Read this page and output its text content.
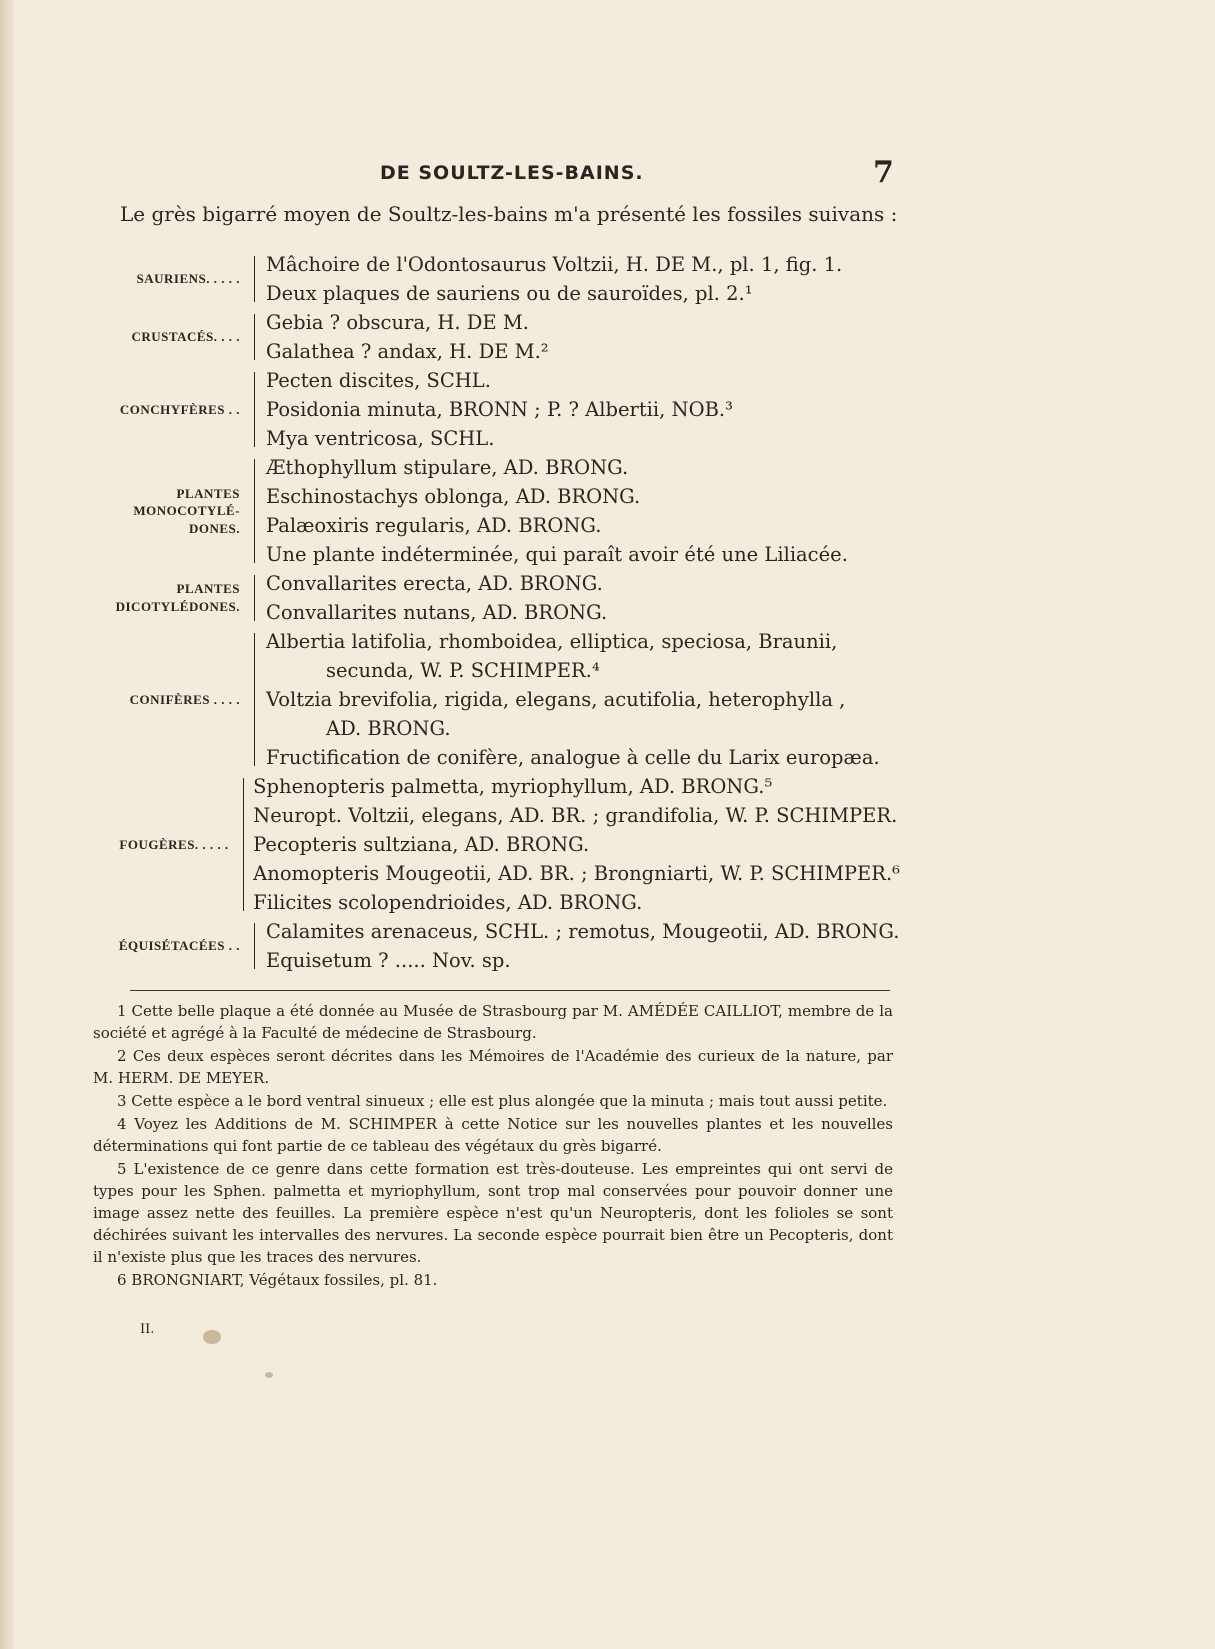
DE SOULTZ-LES-BAINS.	7
Le grès bigarré moyen de Soultz-les-bains m'a présenté les fossiles suivans :
SAURIENS. . . . .
Mâchoire de l'Odontosaurus Voltzii, H. DE M., pl. 1, fig. 1.
Deux plaques de sauriens ou de sauroïdes, pl. 2.¹
CRUSTACÉS. . . .
Gebia ? obscura, H. DE M.
Galathea ? andax, H. DE M.²
CONCHYFÈRES . .
Pecten discites, SCHL.
Posidonia minuta, BRONN ; P. ? Albertii, NOB.³
Mya ventricosa, SCHL.
PLANTES MONOCOTYLÉ-DONES.
Æthophyllum stipulare, AD. BRONG.
Eschinostachys oblonga, AD. BRONG.
Palæoxiris regularis, AD. BRONG.
Une plante indéterminée, qui paraît avoir été une Liliacée.
PLANTES DICOTYLÉDONES.
Convallarites erecta, AD. BRONG.
Convallarites nutans, AD. BRONG.
CONIFÈRES . . . .
Albertia latifolia, rhomboidea, elliptica, speciosa, Braunii,
secunda, W. P. SCHIMPER.⁴
Voltzia brevifolia, rigida, elegans, acutifolia, heterophylla ,
AD. BRONG.
Fructification de conifère, analogue à celle du Larix europæa.
FOUGÈRES. . . . .
Sphenopteris palmetta, myriophyllum, AD. BRONG.⁵
Neuropt. Voltzii, elegans, AD. BR. ; grandifolia, W. P. SCHIMPER.
Pecopteris sultziana, AD. BRONG.
Anomopteris Mougeotii, AD. BR. ; Brongniarti, W. P. SCHIMPER.⁶
Filicites scolopendrioides, AD. BRONG.
ÉQUISÉTACÉES . .
Calamites arenaceus, SCHL. ; remotus, Mougeotii, AD. BRONG.
Equisetum ? ..... Nov. sp.

1 Cette belle plaque a été donnée au Musée de Strasbourg par M. AMÉDÉE CAILLIOT, membre de la société et agrégé à la Faculté de médecine de Strasbourg.

2 Ces deux espèces seront décrites dans les Mémoires de l'Académie des curieux de la nature, par M. HERM. DE MEYER.

3 Cette espèce a le bord ventral sinueux ; elle est plus alongée que la minuta ; mais tout aussi petite.

4 Voyez les Additions de M. SCHIMPER à cette Notice sur les nouvelles plantes et les nouvelles déterminations qui font partie de ce tableau des végétaux du grès bigarré.

5 L'existence de ce genre dans cette formation est très-douteuse. Les empreintes qui ont servi de types pour les Sphen. palmetta et myriophyllum, sont trop mal conservées pour pouvoir donner une image assez nette des feuilles. La première espèce n'est qu'un Neuropteris, dont les folioles se sont déchirées suivant les intervalles des nervures. La seconde espèce pourrait bien être un Pecopteris, dont il n'existe plus que les traces des nervures.

6 BRONGNIART, Végétaux fossiles, pl. 81.

II.
